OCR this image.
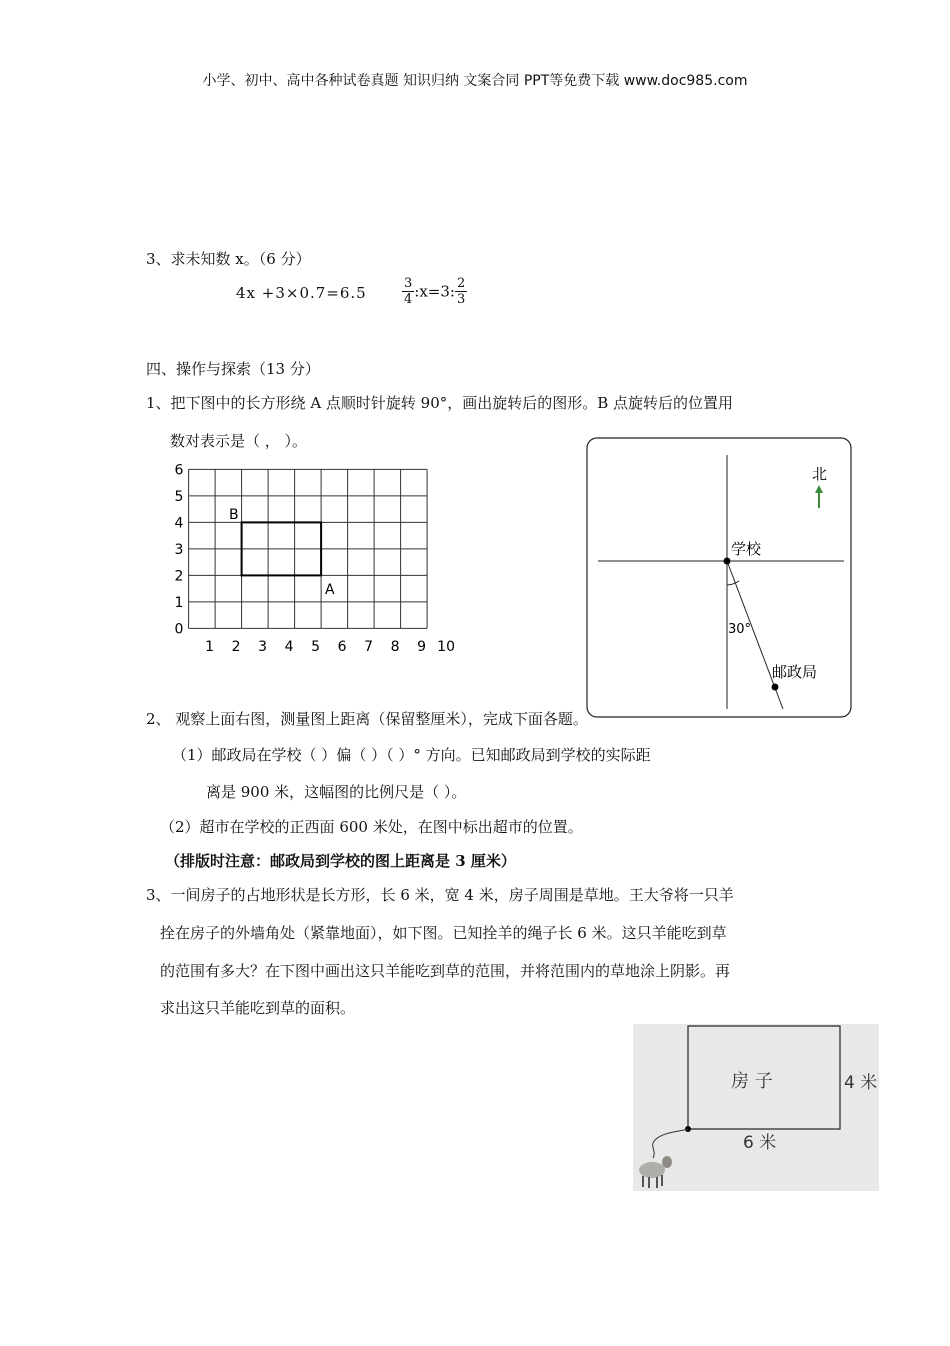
小学、初中、高中各种试卷真题 知识归纳 文案合同 PPT等免费下载 www.doc985.com
3、求未知数 x。（6 分）
4x +3×0.7=6.5	$\frac{3}{4}$ :x=3: $\frac{2}{3}$
四、操作与探索（13 分）
1、把下图中的长方形绕 A 点顺时针旋转 90°，画出旋转后的图形。B 点旋转后的位置用
数对表示是（ ， ）。
1 2 3 4 5 6 7 8 9 10
0
1
2
3
4
5
6
B
A
北
学校
30°
邮政局
2、 观察上面右图，测量图上距离（保留整厘米），完成下面各题。
（1）邮政局在学校（ ）偏（ ）（ ）° 方向。已知邮政局到学校的实际距
离是 900 米，这幅图的比例尺是（ ）。
（2）超市在学校的正西面 600 米处，在图中标出超市的位置。
（排版时注意：邮政局到学校的图上距离是 3 厘米）
3、一间房子的占地形状是长方形，长 6 米，宽 4 米，房子周围是草地。王大爷将一只羊
拴在房子的外墙角处（紧靠地面），如下图。已知拴羊的绳子长 6 米。这只羊能吃到草
的范围有多大？在下图中画出这只羊能吃到草的范围，并将范围内的草地涂上阴影。再
求出这只羊能吃到草的面积。
房 子	4 米
6 米
